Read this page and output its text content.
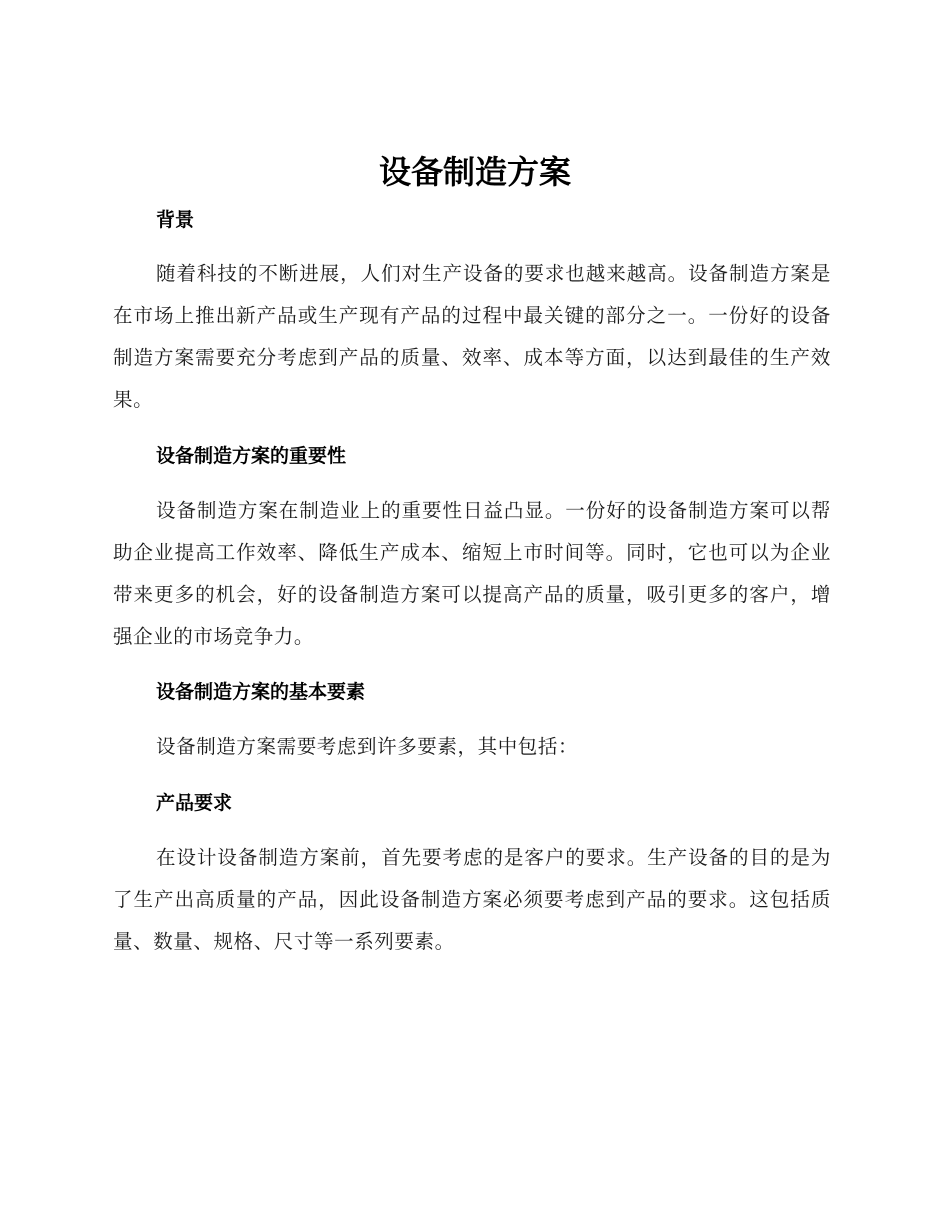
设备制造方案
背景

随着科技的不断进展，人们对生产设备的要求也越来越高。设备制造方案是在市场上推出新产品或生产现有产品的过程中最关键的部分之一。一份好的设备制造方案需要充分考虑到产品的质量、效率、成本等方面，以达到最佳的生产效果。

设备制造方案的重要性

设备制造方案在制造业上的重要性日益凸显。一份好的设备制造方案可以帮助企业提高工作效率、降低生产成本、缩短上市时间等。同时，它也可以为企业带来更多的机会，好的设备制造方案可以提高产品的质量，吸引更多的客户，增强企业的市场竞争力。

设备制造方案的基本要素

设备制造方案需要考虑到许多要素，其中包括：

产品要求

在设计设备制造方案前，首先要考虑的是客户的要求。生产设备的目的是为了生产出高质量的产品，因此设备制造方案必须要考虑到产品的要求。这包括质量、数量、规格、尺寸等一系列要素。
